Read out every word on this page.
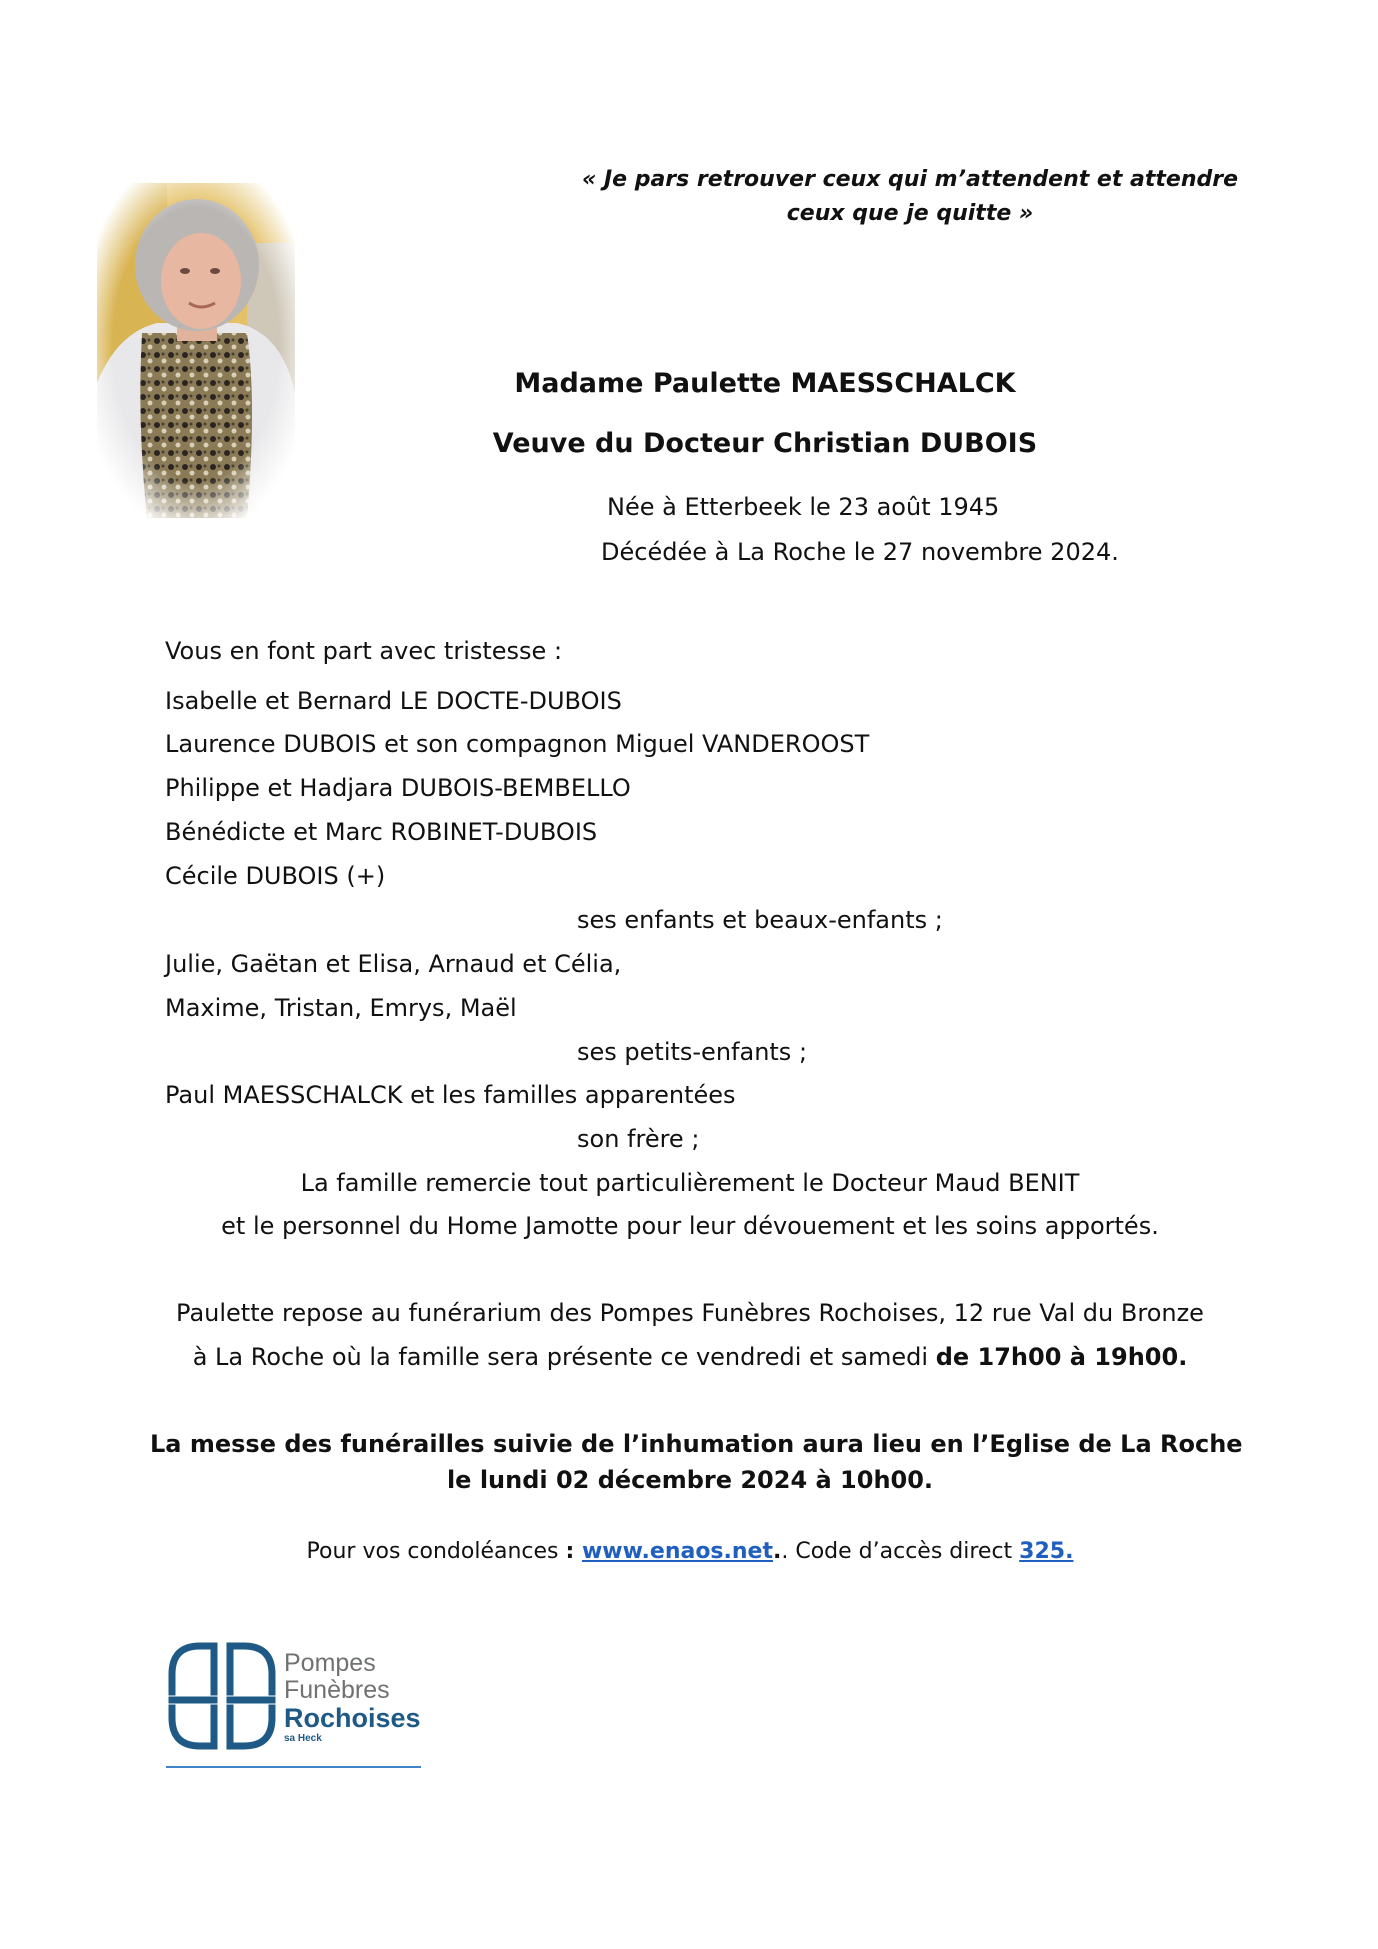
« Je pars retrouver ceux qui m’attendent et attendre
ceux que je quitte »
Madame Paulette MAESSCHALCK
Veuve du Docteur Christian DUBOIS
Née à Etterbeek le 23 août 1945
Décédée à La Roche le 27 novembre 2024.
Vous en font part avec tristesse :
Isabelle et Bernard LE DOCTE-DUBOIS
Laurence DUBOIS et son compagnon Miguel VANDEROOST
Philippe et Hadjara DUBOIS-BEMBELLO
Bénédicte et Marc ROBINET-DUBOIS
Cécile DUBOIS (+)
ses enfants et beaux-enfants ;
Julie, Gaëtan et Elisa, Arnaud et Célia,
Maxime, Tristan, Emrys, Maël
ses petits-enfants ;
Paul MAESSCHALCK et les familles apparentées
son frère ;
La famille remercie tout particulièrement le Docteur Maud BENIT
et le personnel du Home Jamotte pour leur dévouement et les soins apportés.
Paulette repose au funérarium des Pompes Funèbres Rochoises, 12 rue Val du Bronze
à La Roche où la famille sera présente ce vendredi et samedi de 17h00 à 19h00.
La messe des funérailles suivie de l’inhumation aura lieu en l’Eglise de La Roche
le lundi 02 décembre 2024 à 10h00.
Pour vos condoléances : www.enaos.net.. Code d’accès direct 325.
Pompes
Funèbres
Rochoises
sa Heck
